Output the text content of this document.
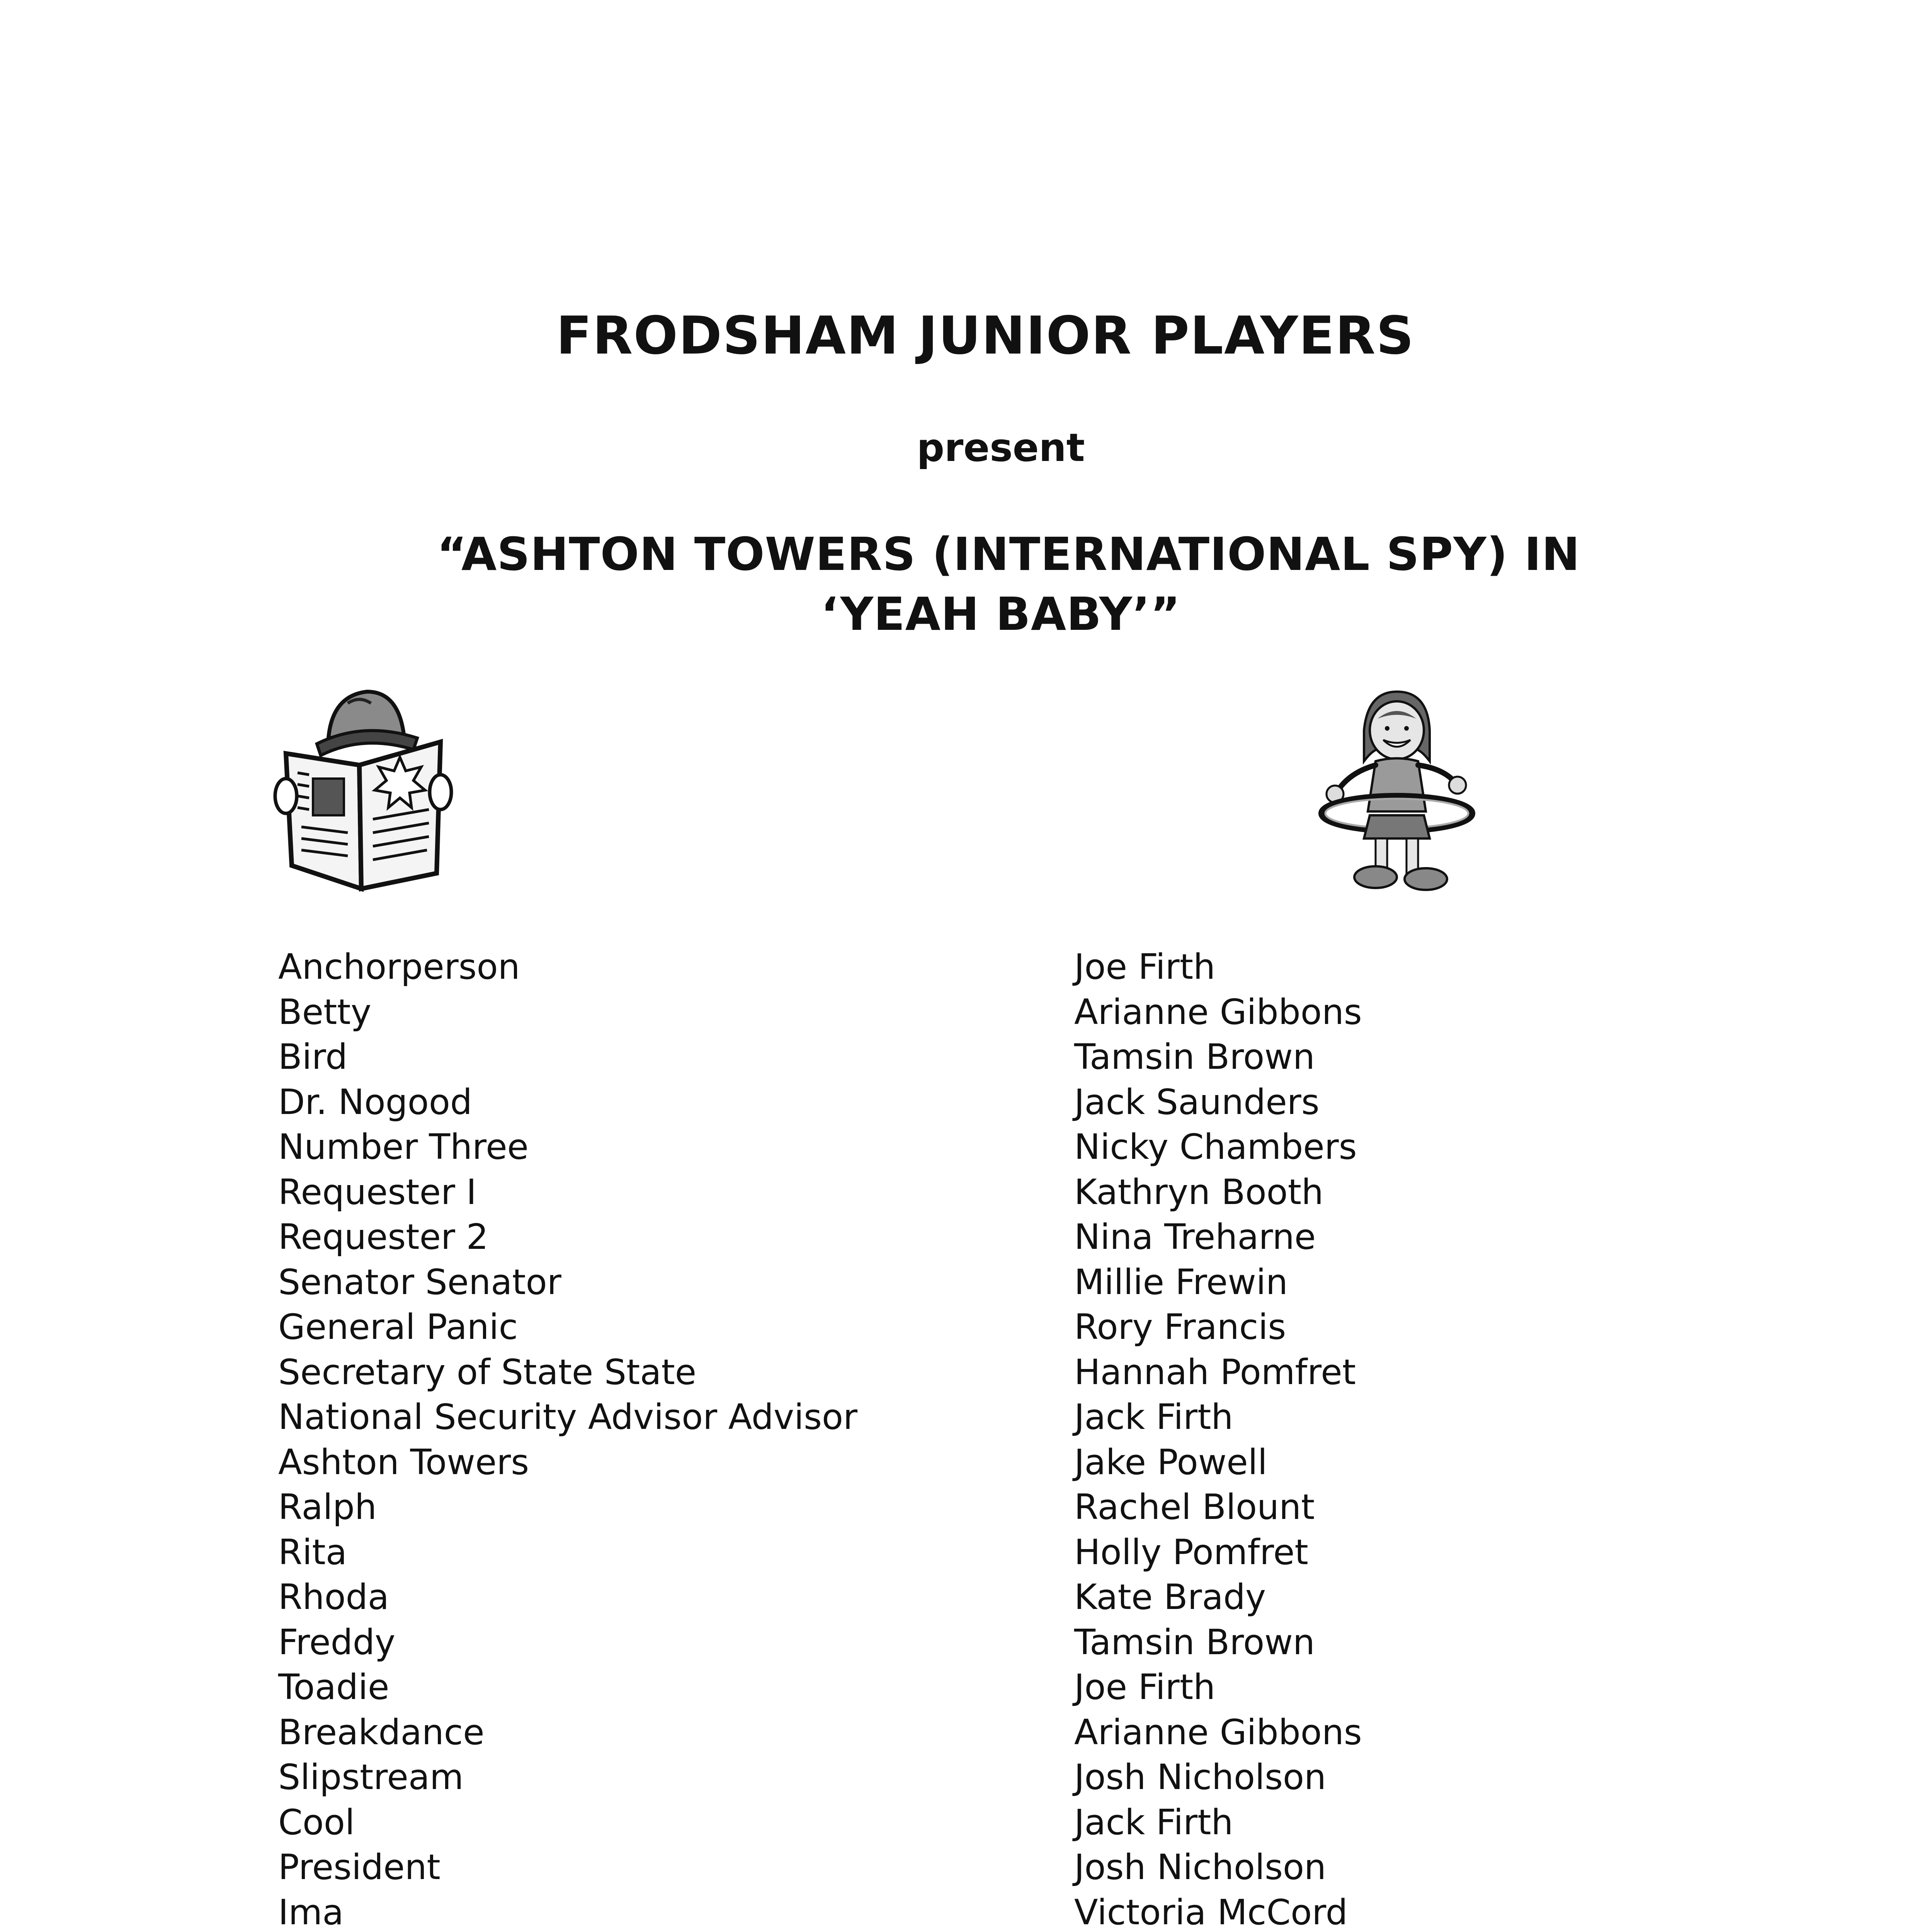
FRODSHAM JUNIOR PLAYERS
present
“ASHTON TOWERS (INTERNATIONAL SPY) IN
‘YEAH BABY’”
Anchorperson
Betty
Bird
Dr. Nogood
Number Three
Requester I
Requester 2
Senator Senator
General Panic
Secretary of State State
National Security Advisor Advisor
Ashton Towers
Ralph
Rita
Rhoda
Freddy
Toadie
Breakdance
Slipstream
Cool
President
Ima
Joe Firth
Arianne Gibbons
Tamsin Brown
Jack Saunders
Nicky Chambers
Kathryn Booth
Nina Treharne
Millie Frewin
Rory Francis
Hannah Pomfret
Jack Firth
Jake Powell
Rachel Blount
Holly Pomfret
Kate Brady
Tamsin Brown
Joe Firth
Arianne Gibbons
Josh Nicholson
Jack Firth
Josh Nicholson
Victoria McCord
